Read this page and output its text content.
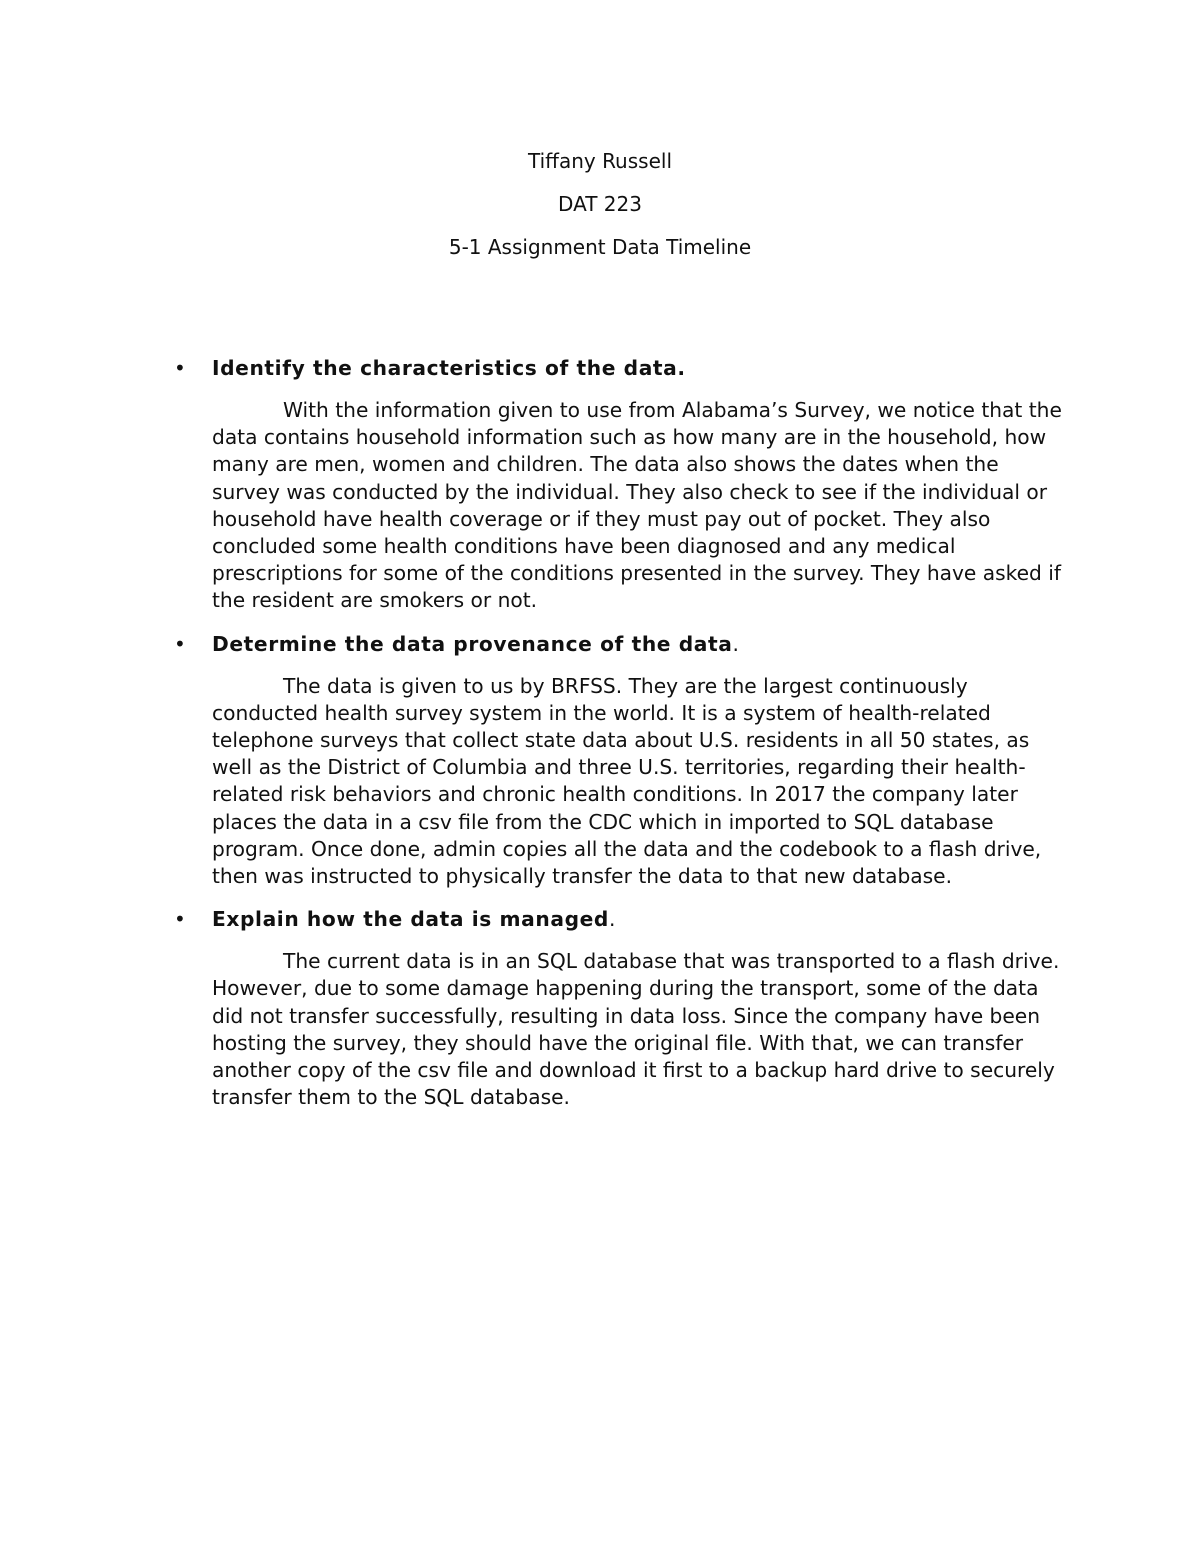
Tiffany Russell
DAT 223
5-1 Assignment Data Timeline
• Identify the characteristics of the data.

With the information given to use from Alabama’s Survey, we notice that the data contains household information such as how many are in the household, how many are men, women and children. The data also shows the dates when the survey was conducted by the individual. They also check to see if the individual or household have health coverage or if they must pay out of pocket. They also concluded some health conditions have been diagnosed and any medical prescriptions for some of the conditions presented in the survey. They have asked if the resident are smokers or not.

• Determine the data provenance of the data.

The data is given to us by BRFSS. They are the largest continuously conducted health survey system in the world. It is a system of health-related telephone surveys that collect state data about U.S. residents in all 50 states, as well as the District of Columbia and three U.S. territories, regarding their health-related risk behaviors and chronic health conditions. In 2017 the company later places the data in a csv file from the CDC which in imported to SQL database program. Once done, admin copies all the data and the codebook to a flash drive, then was instructed to physically transfer the data to that new database.

• Explain how the data is managed.

The current data is in an SQL database that was transported to a flash drive. However, due to some damage happening during the transport, some of the data did not transfer successfully, resulting in data loss. Since the company have been hosting the survey, they should have the original file. With that, we can transfer another copy of the csv file and download it first to a backup hard drive to securely transfer them to the SQL database.
